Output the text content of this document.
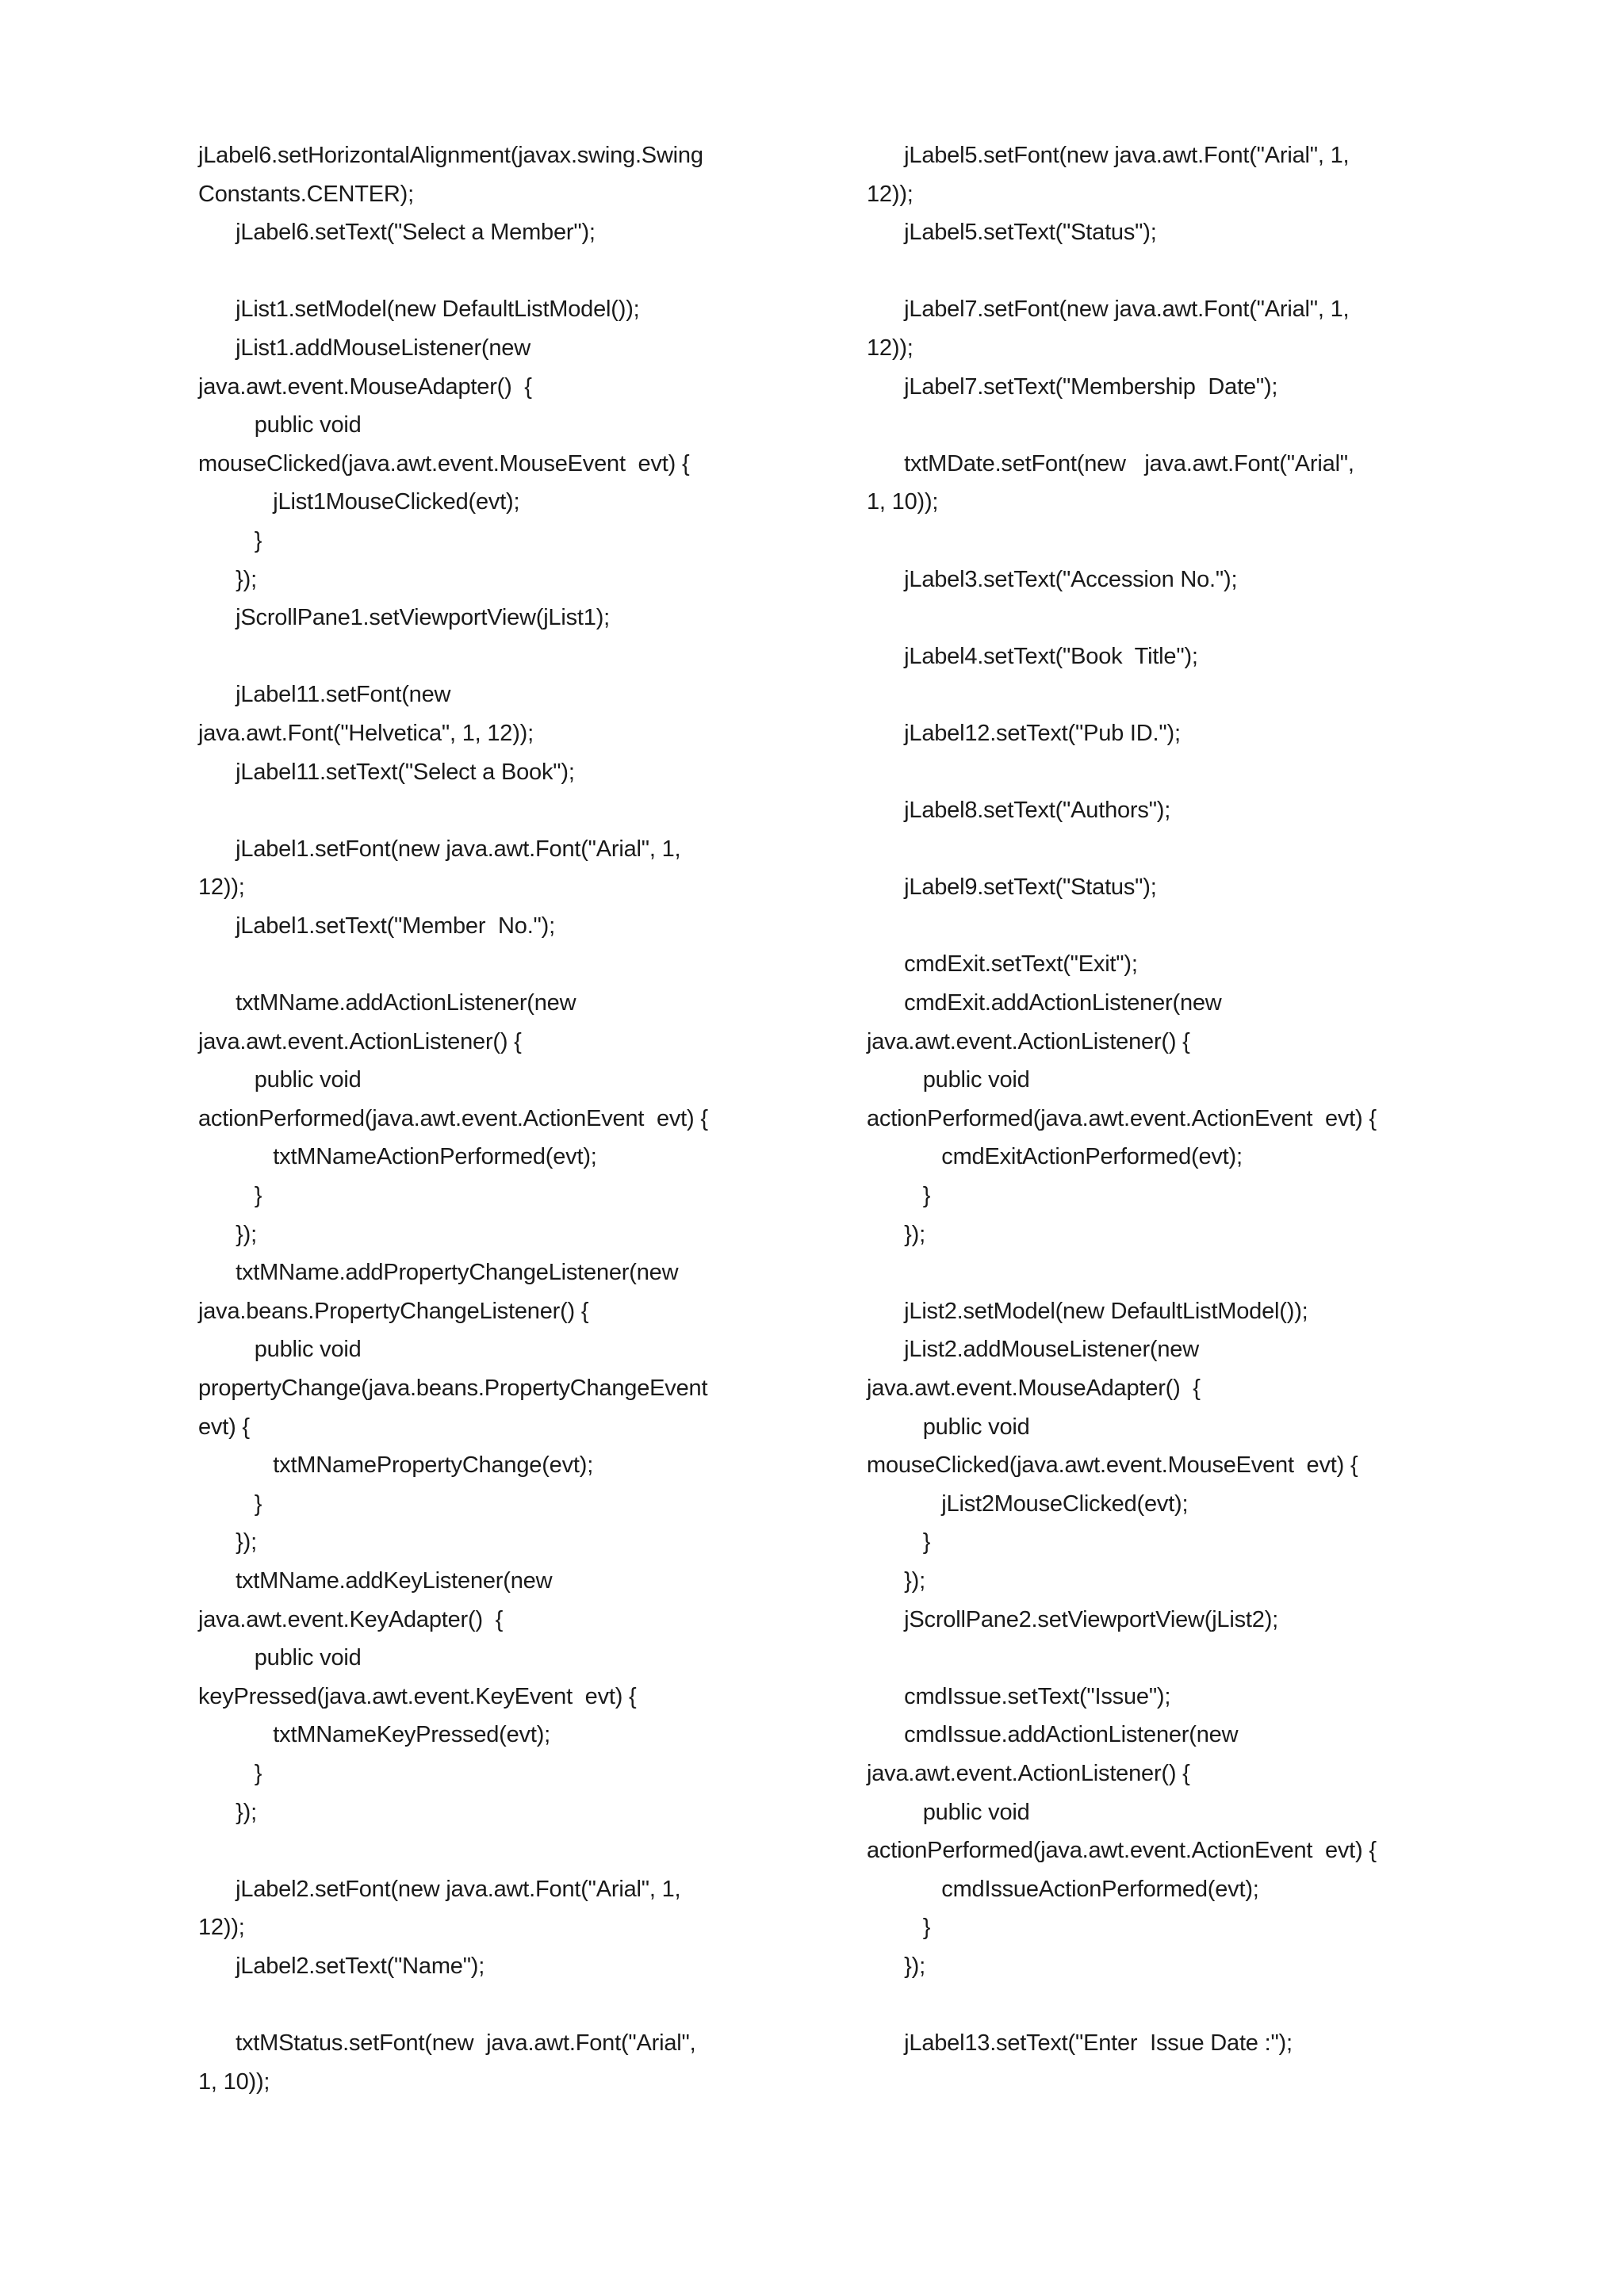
jLabel6.setHorizontalAlignment(javax.swing.Swing
Constants.CENTER);
jLabel6.setText("Select a Member");
jList1.setModel(new DefaultListModel());
jList1.addMouseListener(new
java.awt.event.MouseAdapter()  {
public void
mouseClicked(java.awt.event.MouseEvent  evt) {
jList1MouseClicked(evt);
}
});
jScrollPane1.setViewportView(jList1);
jLabel11.setFont(new
java.awt.Font("Helvetica", 1, 12));
jLabel11.setText("Select a Book");
jLabel1.setFont(new java.awt.Font("Arial", 1,
12));
jLabel1.setText("Member  No.");
txtMName.addActionListener(new
java.awt.event.ActionListener() {
public void
actionPerformed(java.awt.event.ActionEvent  evt) {
txtMNameActionPerformed(evt);
}
});
txtMName.addPropertyChangeListener(new
java.beans.PropertyChangeListener() {
public void
propertyChange(java.beans.PropertyChangeEvent
evt) {
txtMNamePropertyChange(evt);
}
});
txtMName.addKeyListener(new
java.awt.event.KeyAdapter()  {
public void
keyPressed(java.awt.event.KeyEvent  evt) {
txtMNameKeyPressed(evt);
}
});
jLabel2.setFont(new java.awt.Font("Arial", 1,
12));
jLabel2.setText("Name");
txtMStatus.setFont(new  java.awt.Font("Arial",
1, 10));
jLabel5.setFont(new java.awt.Font("Arial", 1,
12));
jLabel5.setText("Status");
jLabel7.setFont(new java.awt.Font("Arial", 1,
12));
jLabel7.setText("Membership  Date");
txtMDate.setFont(new   java.awt.Font("Arial",
1, 10));
jLabel3.setText("Accession No.");
jLabel4.setText("Book  Title");
jLabel12.setText("Pub ID.");
jLabel8.setText("Authors");
jLabel9.setText("Status");
cmdExit.setText("Exit");
cmdExit.addActionListener(new
java.awt.event.ActionListener() {
public void
actionPerformed(java.awt.event.ActionEvent  evt) {
cmdExitActionPerformed(evt);
}
});
jList2.setModel(new DefaultListModel());
jList2.addMouseListener(new
java.awt.event.MouseAdapter()  {
public void
mouseClicked(java.awt.event.MouseEvent  evt) {
jList2MouseClicked(evt);
}
});
jScrollPane2.setViewportView(jList2);
cmdIssue.setText("Issue");
cmdIssue.addActionListener(new
java.awt.event.ActionListener() {
public void
actionPerformed(java.awt.event.ActionEvent  evt) {
cmdIssueActionPerformed(evt);
}
});
jLabel13.setText("Enter  Issue Date :");
